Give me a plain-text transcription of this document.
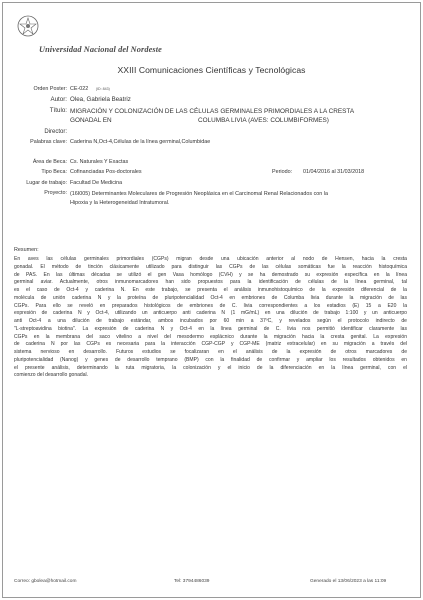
Universidad Nacional del Nordeste
XXIII Comunicaciones Científicas y Tecnológicas
Orden Poster: CE-022 (ID: 843)
Autor: Olea, Gabriela Beatriz
Título: MIGRACIÓN Y COLONIZACIÓN DE LAS CÉLULAS GERMINALES PRIMORDIALES A LA CRESTA
GONADAL EN	COLUMBA LIVIA (AVES: COLUMBIFORMES)
Director:
Palabras clave: Caderina N,Oct-4,Células de la línea germinal,Columbidae
Área de Beca: Cs. Naturales Y Exactas
Tipo Beca: Cofinanciadas Pos-doctorales	Periodo: 01/04/2016 al 31/03/2018
Lugar de trabajo: Facultad De Medicina
Proyecto: (16I005) Determinantes Moleculares de Progresión Neoplásica en el Carcinomal Renal Relacionados con la
Hipoxia y la Heterogeneidad Intratumoral.
Resumen:
En aves las células germinales primordiales (CGPs) migran desde una ubicación anterior al nodo de Hensen, hacia la cresta
gonadal. El método de tinción clásicamente utilizado para distinguir las CGPs de las células somáticas fue la reacción histoquímica
de PAS. En las últimas décadas se utilizó el gen Vasa homólogo (CVH) y se ha demostrado su expresión específica en la línea
germinal aviar. Actualmente, otros inmunomarcadores han sido propuestos para la identificación de células de la línea germinal, tal
es el caso de Oct-4 y caderina N. En este trabajo, se presenta el análisis inmunohistoquímico de la expresión diferencial de la
molécula de unión caderina N y la proteína de pluripotencialidad Oct-4 en embriones de Columba livia durante la migración de las
CGPs. Para ello se reveló en preparados histológicos de embriones de C. livia correspondientes a los estadios (E) 15 a E20 la
expresión de caderina N y Oct-4, utilizando un anticuerpo anti caderina N (1 mG/mL) en una dilución de trabajo 1:100 y un anticuerpo
anti Oct-4 a una dilución de trabajo estándar, ambos incubados por 60 min a 37ºC, y revelados según el protocolo indirecto de
"L-streptoavidina biotina". La expresión de caderina N y Oct-4 en la línea germinal de C. livia nos permitió identificar claramente las
CGPs en la membrana del saco vitelino a nivel del mesodermo esplácnico durante la migración hacia la cresta genital. La expresión
de caderina N por las CGPs es necesaria para la interacción CGP-CGP y CGP-ME (matriz extracelular) en su migración a través del
sistema nervioso en desarrollo. Futuros estudios se focalizaran en el análisis de la expresión de otros marcadores de
pluripotencialidad (Nanog) y genes de desarrollo temprano (BMP) con la finalidad de confirmar y ampliar los resultados obtenidos en
el presente análisis, determinando la ruta migratoria, la colonización y el inicio de la diferenciación en la línea germinal, con el
comienzo del desarrollo gonadal.
Correo: gbolea@hotmail.com	Tel: 3794486039	Generado el 13/06/2023 a las 11:09
